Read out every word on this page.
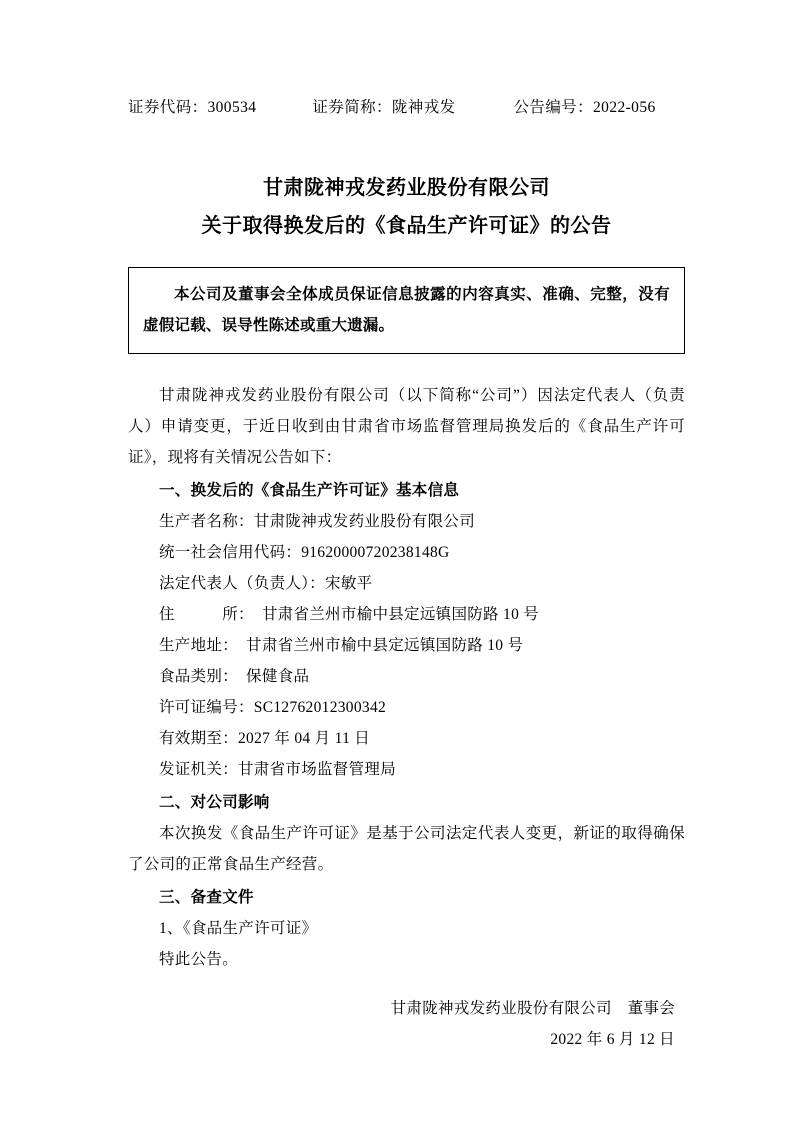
证券代码：300534	证券简称：陇神戎发	公告编号：2022-056
甘肃陇神戎发药业股份有限公司
关于取得换发后的《食品生产许可证》的公告

本公司及董事会全体成员保证信息披露的内容真实、准确、完整，没有虚假记载、误导性陈述或重大遗漏。

甘肃陇神戎发药业股份有限公司（以下简称“公司”）因法定代表人（负责人）申请变更，于近日收到由甘肃省市场监督管理局换发后的《食品生产许可证》，现将有关情况公告如下：

一、换发后的《食品生产许可证》基本信息

生产者名称：甘肃陇神戎发药业股份有限公司

统一社会信用代码：91620000720238148G

法定代表人（负责人）：宋敏平

住　　　所：　甘肃省兰州市榆中县定远镇国防路 10 号

生产地址：　甘肃省兰州市榆中县定远镇国防路 10 号

食品类别：　保健食品

许可证编号：SC12762012300342

有效期至：2027 年 04 月 11 日

发证机关：甘肃省市场监督管理局

二、对公司影响

本次换发《食品生产许可证》是基于公司法定代表人变更，新证的取得确保了公司的正常食品生产经营。

三、备查文件

1、《食品生产许可证》

特此公告。

甘肃陇神戎发药业股份有限公司　董事会
2022 年 6 月 12 日
